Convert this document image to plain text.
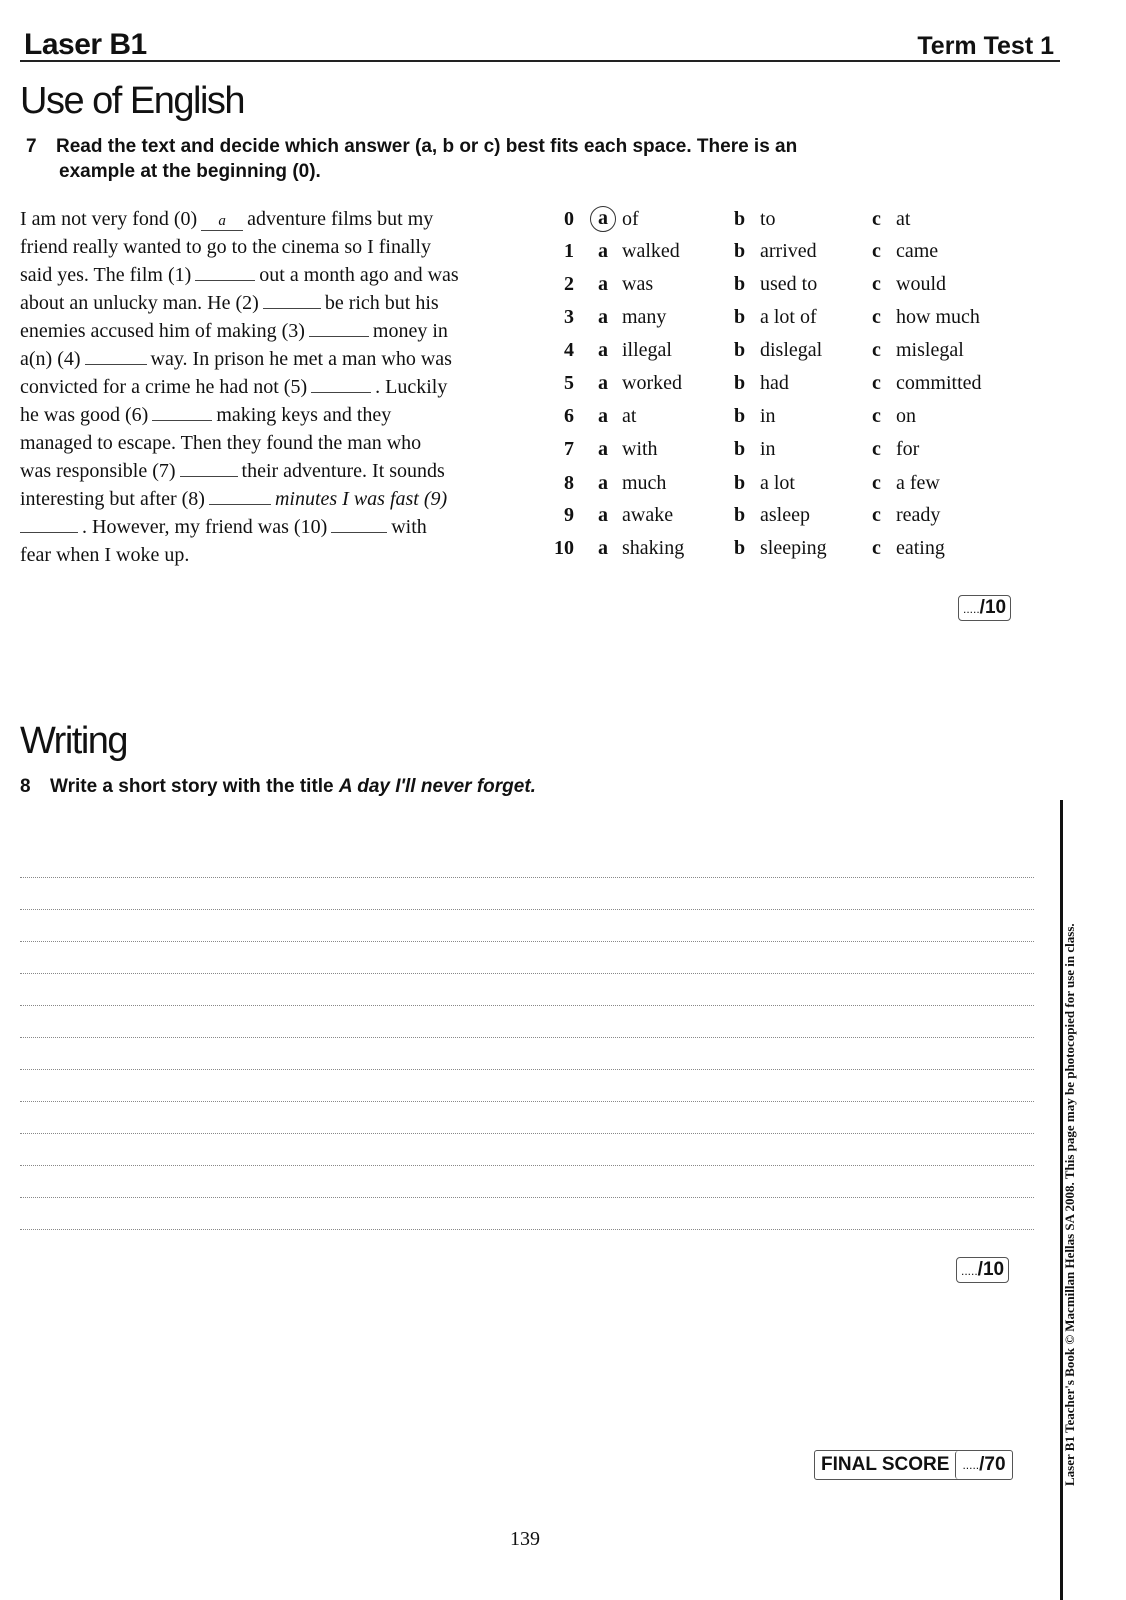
Laser B1	Term Test 1
Use of English
7 Read the text and decide which answer (a, b or c) best fits each space. There is an
example at the beginning (0).
I am not very fond (0) a adventure films but my
friend really wanted to go to the cinema so I finally
said yes. The film (1)	out a month ago and was
about an unlucky man. He (2)	be rich but his
enemies accused him of making (3)	money in
a(n) (4)	way. In prison he met a man who was
convicted for a crime he had not (5)	. Luckily
he was good (6)	making keys and they
managed to escape. Then they found the man who
was responsible (7)	their adventure. It sounds
interesting but after (8)	minutes I was fast (9)
. However, my friend was (10)	with
fear when I woke up.
0	a of	b to	c at
1 a walked	b arrived	c came
2 a was	b used to	c would
3 a many	b a lot of	c how much
4 a illegal	b dislegal c mislegal
5 a worked	b had	c committed
6 a at	b in	c on
7 a with	b in	c for
8 a much	b a lot	c a few
9 a awake	b asleep	c ready
10 a shaking b sleeping c eating
...../10
Writing
8 Write a short story with the title A day I'll never forget.
...../10
FINAL SCORE	..... /70
139
Laser B1 Teacher's Book © Macmillan Hellas SA 2008. This page may be photocopied for use in class.
